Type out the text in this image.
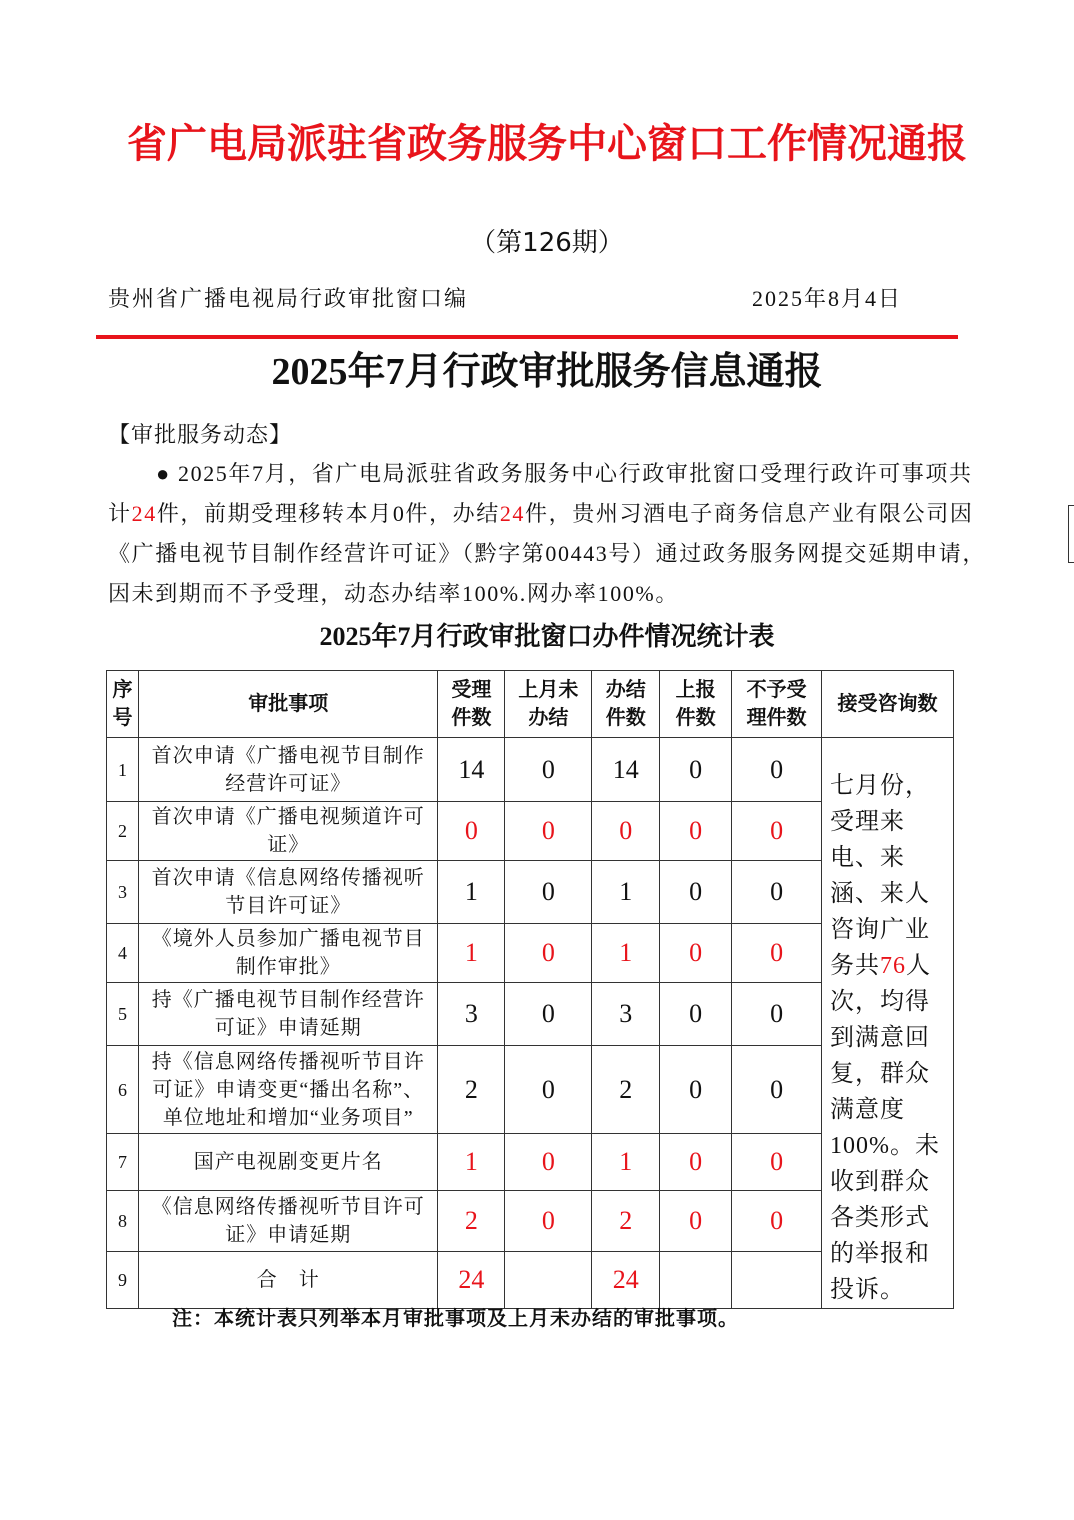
省广电局派驻省政务服务中心窗口工作情况通报
（第126期）
贵州省广播电视局行政审批窗口编	2025年8月4日
2025年7月行政审批服务信息通报
【审批服务动态】
● 2025年7月，省广电局派驻省政务服务中心行政审批窗口受理行政许可事项共计24件，前期受理移转本月0件，办结24件，贵州习酒电子商务信息产业有限公司因《广播电视节目制作经营许可证》（黔字第00443号）通过政务服务网提交延期申请，因未到期而不予受理，动态办结率100%.网办率100%。
2025年7月行政审批窗口办件情况统计表
序号	审批事项	受理件数	上月未办结	办结件数	上报件数	不予受理件数	接受咨询数
1	首次申请《广播电视节目制作经营许可证》	14	0	14	0	0	七月份，受理来电、来涵、来人咨询广业务共76人次，均得到满意回复，群众满意度100%。未收到群众各类形式的举报和投诉。
2	首次申请《广播电视频道许可证》	0	0	0	0	0	
3	首次申请《信息网络传播视听节目许可证》	1	0	1	0	0	
4	《境外人员参加广播电视节目制作审批》	1	0	1	0	0	
5	持《广播电视节目制作经营许可证》申请延期	3	0	3	0	0	
6	持《信息网络传播视听节目许可证》申请变更“播出名称”、单位地址和增加“业务项目”	2	0	2	0	0	
7	国产电视剧变更片名	1	0	1	0	0	
8	《信息网络传播视听节目许可证》申请延期	2	0	2	0	0	
9	合　计	24		24			
注：本统计表只列举本月审批事项及上月未办结的审批事项。
